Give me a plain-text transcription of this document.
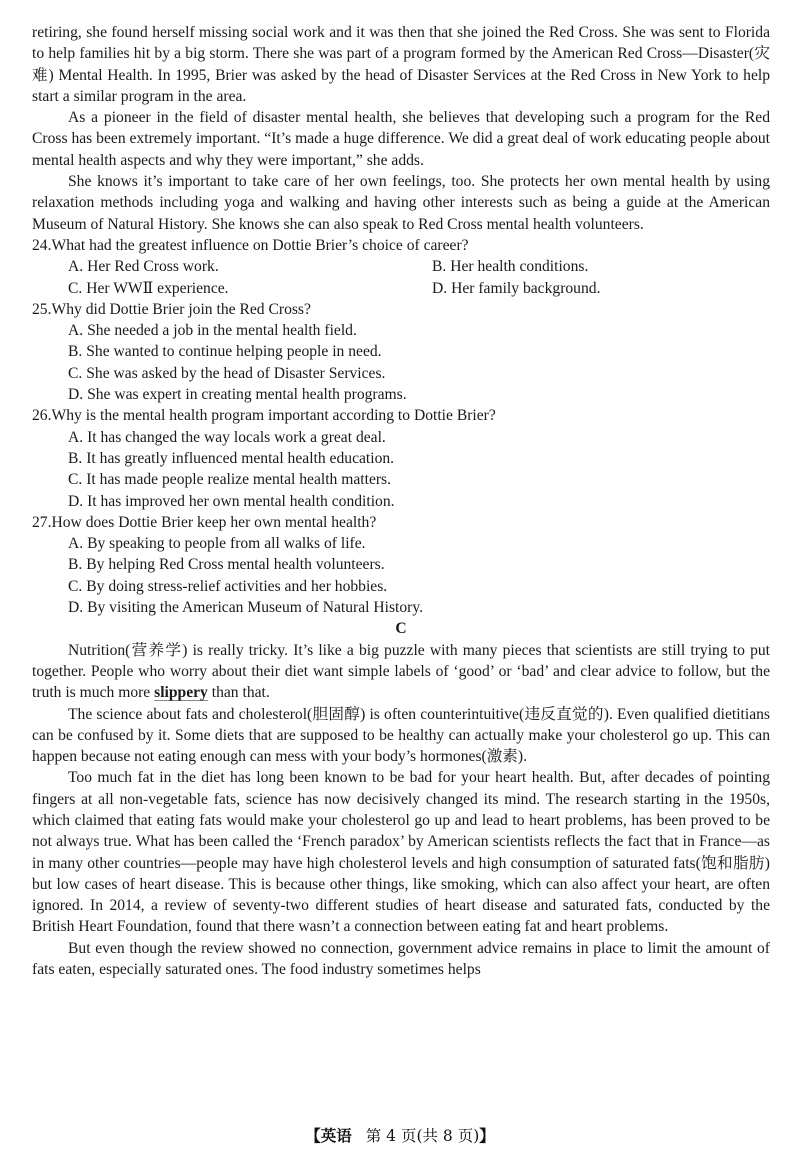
retiring, she found herself missing social work and it was then that she joined the Red Cross. She was sent to Florida to help families hit by a big storm. There she was part of a program formed by the American Red Cross—Disaster(灾难) Mental Health. In 1995, Brier was asked by the head of Disaster Services at the Red Cross in New York to help start a similar program in the area.

As a pioneer in the field of disaster mental health, she believes that developing such a program for the Red Cross has been extremely important. “It’s made a huge difference. We did a great deal of work educating people about mental health aspects and why they were important,” she adds.

She knows it’s important to take care of her own feelings, too. She protects her own mental health by using relaxation methods including yoga and walking and having other interests such as being a guide at the American Museum of Natural History. She knows she can also speak to Red Cross mental health volunteers.

24.What had the greatest influence on Dottie Brier’s choice of career?

A. Her Red Cross work.	B. Her health conditions.

C. Her WWⅡ experience.	D. Her family background.

25.Why did Dottie Brier join the Red Cross?

A. She needed a job in the mental health field.

B. She wanted to continue helping people in need.

C. She was asked by the head of Disaster Services.

D. She was expert in creating mental health programs.

26.Why is the mental health program important according to Dottie Brier?

A. It has changed the way locals work a great deal.

B. It has greatly influenced mental health education.

C. It has made people realize mental health matters.

D. It has improved her own mental health condition.

27.How does Dottie Brier keep her own mental health?

A. By speaking to people from all walks of life.

B. By helping Red Cross mental health volunteers.

C. By doing stress-relief activities and her hobbies.

D. By visiting the American Museum of Natural History.

C

Nutrition(营养学) is really tricky. It’s like a big puzzle with many pieces that scientists are still trying to put together. People who worry about their diet want simple labels of ‘good’ or ‘bad’ and clear advice to follow, but the truth is much more slippery than that.

The science about fats and cholesterol(胆固醇) is often counterintuitive(违反直觉的). Even qualified dietitians can be confused by it. Some diets that are supposed to be healthy can actually make your cholesterol go up. This can happen because not eating enough can mess with your body’s hormones(激素).

Too much fat in the diet has long been known to be bad for your heart health. But, after decades of pointing fingers at all non-vegetable fats, science has now decisively changed its mind. The research starting in the 1950s, which claimed that eating fats would make your cholesterol go up and lead to heart problems, has been proved to be not always true. What has been called the ‘French paradox’ by American scientists reflects the fact that in France—as in many other countries—people may have high cholesterol levels and high consumption of saturated fats(饱和脂肪) but low cases of heart disease. This is because other things, like smoking, which can also affect your heart, are often ignored. In 2014, a review of seventy-two different studies of heart disease and saturated fats, conducted by the British Heart Foundation, found that there wasn’t a connection between eating fat and heart problems.

But even though the review showed no connection, government advice remains in place to limit the amount of fats eaten, especially saturated ones. The food industry sometimes helps

【英语 第 4 页(共 8 页)】
